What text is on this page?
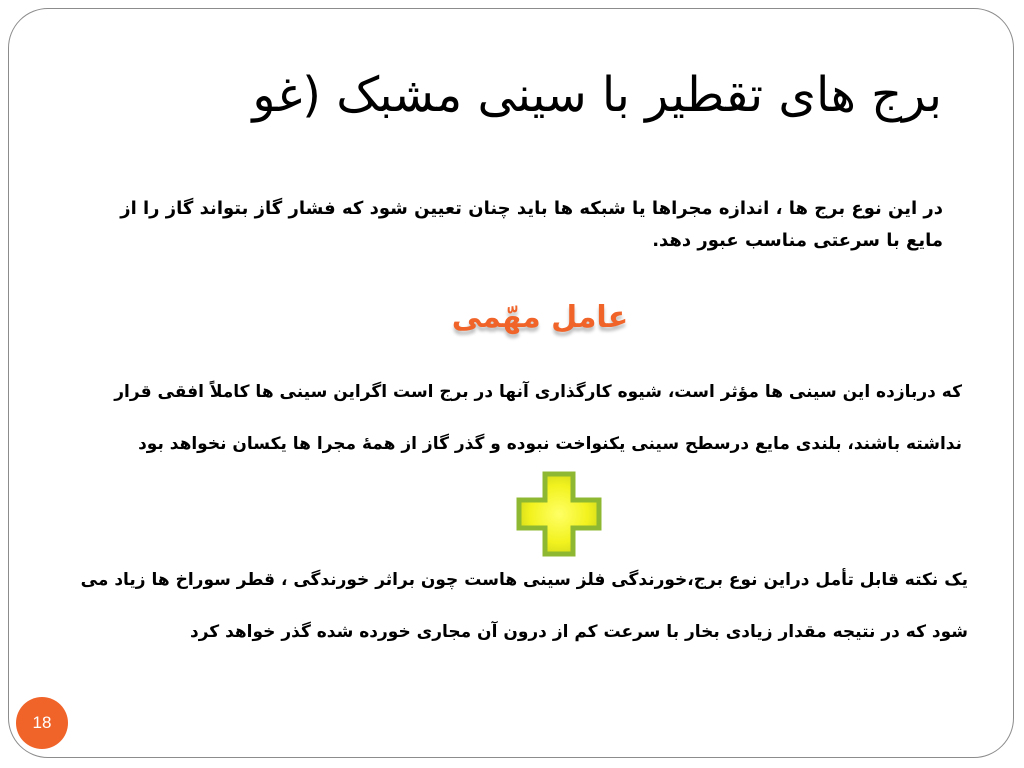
برج های تقطیر با سینی مشبک (غو

در این نوع برج ها ، اندازه مجراها یا شبکه ها باید چنان تعیین شود که فشار گاز بتواند گاز را از مایع با سرعتی مناسب عبور دهد.

عامل مهّمی

که دربازده این سینی ها مؤثر است، شیوه کارگذاری آنها در برج است اگراین سینی ها کاملاً افقی قرار نداشته باشند، بلندی مایع درسطح سینی یکنواخت نبوده و گذر گاز از همهٔ مجرا ها یکسان نخواهد بود

یک نکته قابل تأمل دراین نوع برج،خورندگی فلز سینی هاست چون براثر خورندگی ، قطر سوراخ ها زیاد می شود که در نتیجه مقدار زیادی بخار با سرعت کم از درون آن مجاری خورده شده گذر خواهد کرد

18
